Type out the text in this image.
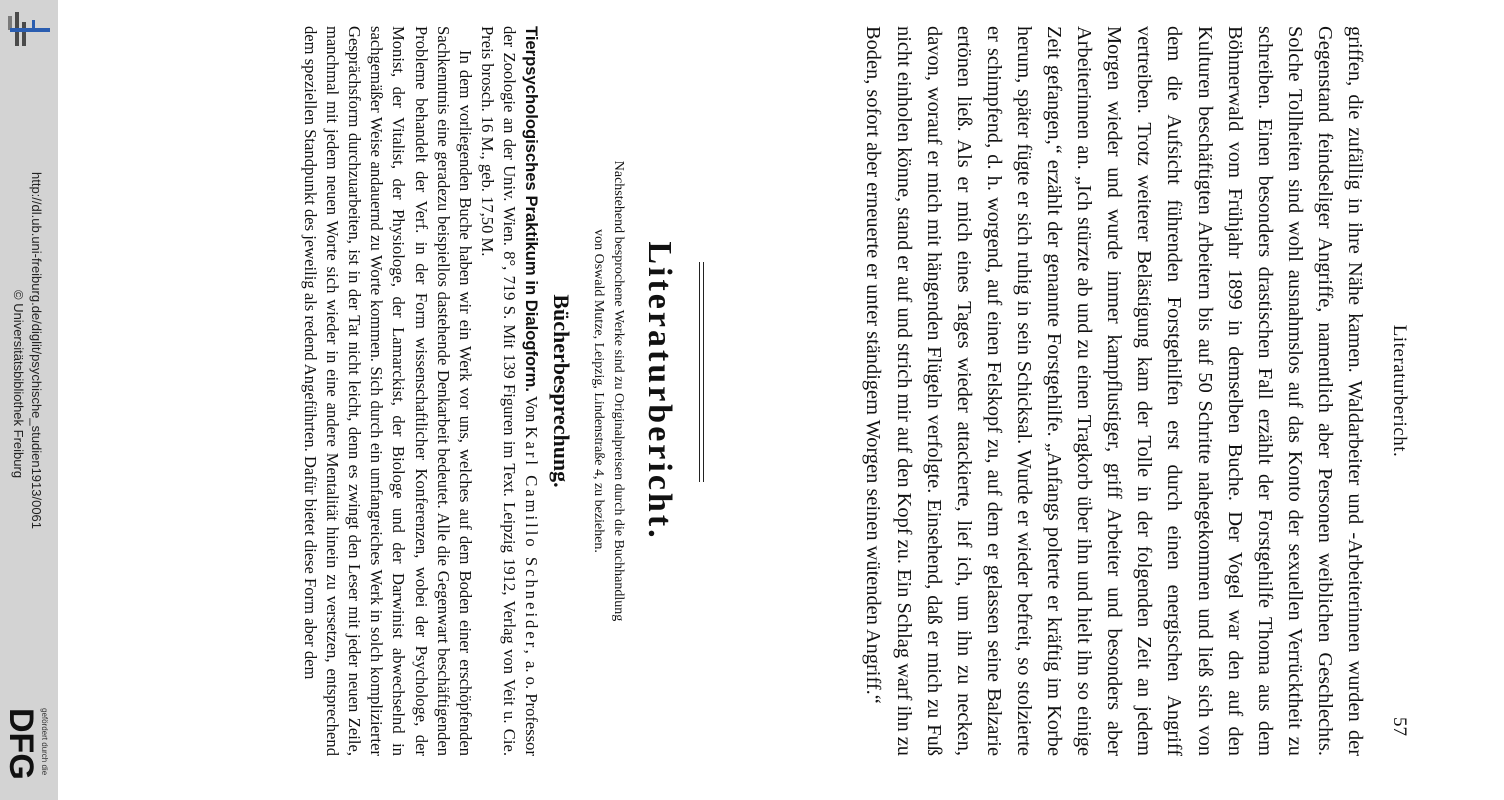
http://dl.ub.uni-freiburg.de/diglit/psychische_studien1913/0061
© Universitätsbibliothek Freiburg
gefördert durch die
DFG
Literaturbericht.
57

griffen, die zufällig in ihre Nähe kamen. Waldarbeiter und -Arbeiterinnen wurden der Gegenstand feindseliger Angriffe, namentlich aber Personen weiblichen Geschlechts. Solche Tollheiten sind wohl ausnahmslos auf das Konto der sexuellen Verrücktheit zu schreiben. Einen besonders drastischen Fall erzählt der Forstgehilfe Thoma aus dem Böhmerwald vom Frühjahr 1899 in demselben Buche. Der Vogel war den auf den Kulturen beschäftigten Arbeitern bis auf 50 Schritte nahegekommen und ließ sich von dem die Aufsicht führenden Forstgehilfen erst durch einen energischen Angriff vertreiben. Trotz weiterer Belästigung kam der Tolle in der folgenden Zeit an jedem Morgen wieder und wurde immer kampflustiger, griff Arbeiter und besonders aber Arbeiterinnen an. „Ich stürzte ab und zu einen Tragkorb über ihn und hielt ihn so einige Zeit gefangen,“ erzählt der genannte Forstgehilfe. „Anfangs polterte er kräftig im Korbe herum, später fügte er sich ruhig in sein Schicksal. Wurde er wieder befreit, so stolzierte er schimpfend, d. h. worgend, auf einen Felskopf zu, auf dem er gelassen seine Balzarie ertönen ließ. Als er mich eines Tages wieder attackierte, lief ich, um ihn zu necken, davon, worauf er mich mit hängenden Flügeln verfolgte. Einsehend, daß er mich zu Fuß nicht einholen könne, stand er auf und strich mir auf den Kopf zu. Ein Schlag warf ihn zu Boden, sofort aber erneuerte er unter ständigem Worgen seinen wütenden Angriff.“

Literaturbericht.
Nachstehend besprochene Werke sind zu Originalpreisen durch die Buchhandlung
von Oswald Mutze, Leipzig, Lindenstraße 4, zu beziehen.
Bücherbesprechung.

Tierpsychologisches Praktikum in Dialogform. Von Karl Camillo Schneider, a. o. Professor der Zoologie an der Univ. Wien. 8°, 719 S. Mit 139 Figuren im Text. Leipzig 1912, Verlag von Veit u. Cie. Preis brosch. 16 M., geb. 17,50 M.

In dem vorliegenden Buche haben wir ein Werk vor uns, welches auf dem Boden einer erschöpfenden Sachkenntnis eine geradezu beispiellos dastehende Denkarbeit bedeutet. Alle die Gegenwart beschäftigenden Probleme behandelt der Verf. in der Form wissenschaftlicher Konferenzen, wobei der Psychologe, der Monist, der Vitalist, der Physiologe, der Lamarckist, der Biologe und der Darwinist abwechselnd in sachgemäßer Weise andauernd zu Worte kommen. Sich durch ein umfangreiches Werk in solch komplizierter Gesprächsform durchzuarbeiten, ist in der Tat nicht leicht, denn es zwingt den Leser mit jeder neuen Zeile, manchmal mit jedem neuen Worte sich wieder in eine andere Mentalität hinein zu versetzen, entsprechend dem speziellen Standpunkt des jeweilig als redend Angeführten. Dafür bietet diese Form aber dem
